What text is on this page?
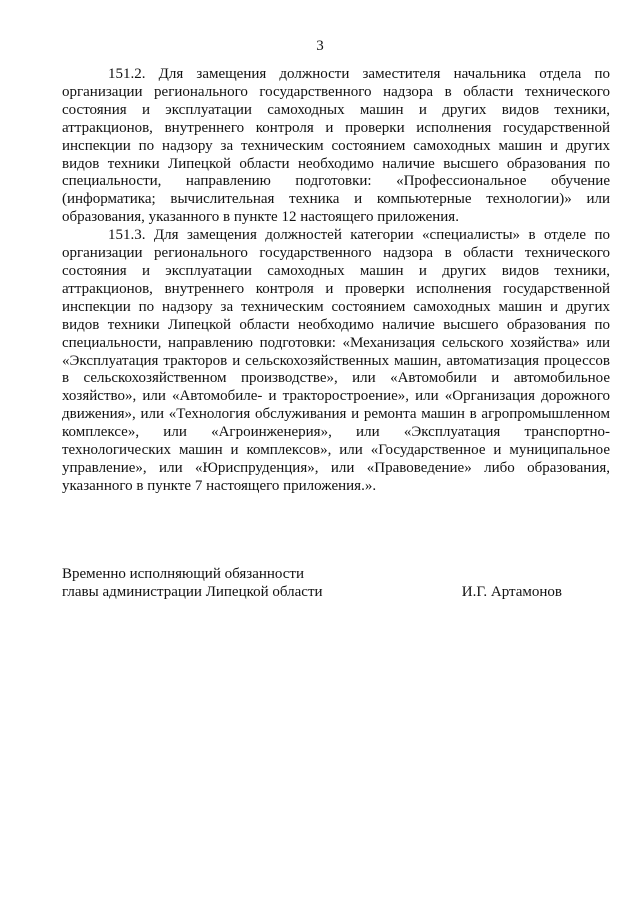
3

151.2. Для замещения должности заместителя начальника отдела по организации регионального государственного надзора в области технического состояния и эксплуатации самоходных машин и других видов техники, аттракционов, внутреннего контроля и проверки исполнения государственной инспекции по надзору за техническим состоянием самоходных машин и других видов техники Липецкой области необходимо наличие высшего образования по специальности, направлению подготовки: «Профессиональное обучение (информатика; вычислительная техника и компьютерные технологии)» или образования, указанного в пункте 12 настоящего приложения.

151.3. Для замещения должностей категории «специалисты» в отделе по организации регионального государственного надзора в области технического состояния и эксплуатации самоходных машин и других видов техники, аттракционов, внутреннего контроля и проверки исполнения государственной инспекции по надзору за техническим состоянием самоходных машин и других видов техники Липецкой области необходимо наличие высшего образования по специальности, направлению подготовки: «Механизация сельского хозяйства» или «Эксплуатация тракторов и сельскохозяйственных машин, автоматизация процессов в сельскохозяйственном производстве», или «Автомобили и автомобильное хозяйство», или «Автомобиле- и тракторостроение», или «Организация дорожного движения», или «Технология обслуживания и ремонта машин в агропромышленном комплексе», или «Агроинженерия», или «Эксплуатация транспортно-технологических машин и комплексов», или «Государственное и муниципальное управление», или «Юриспруденция», или «Правоведение» либо образования, указанного в пункте 7 настоящего приложения.».

Временно исполняющий обязанности

главы администрации Липецкой области	И.Г. Артамонов
